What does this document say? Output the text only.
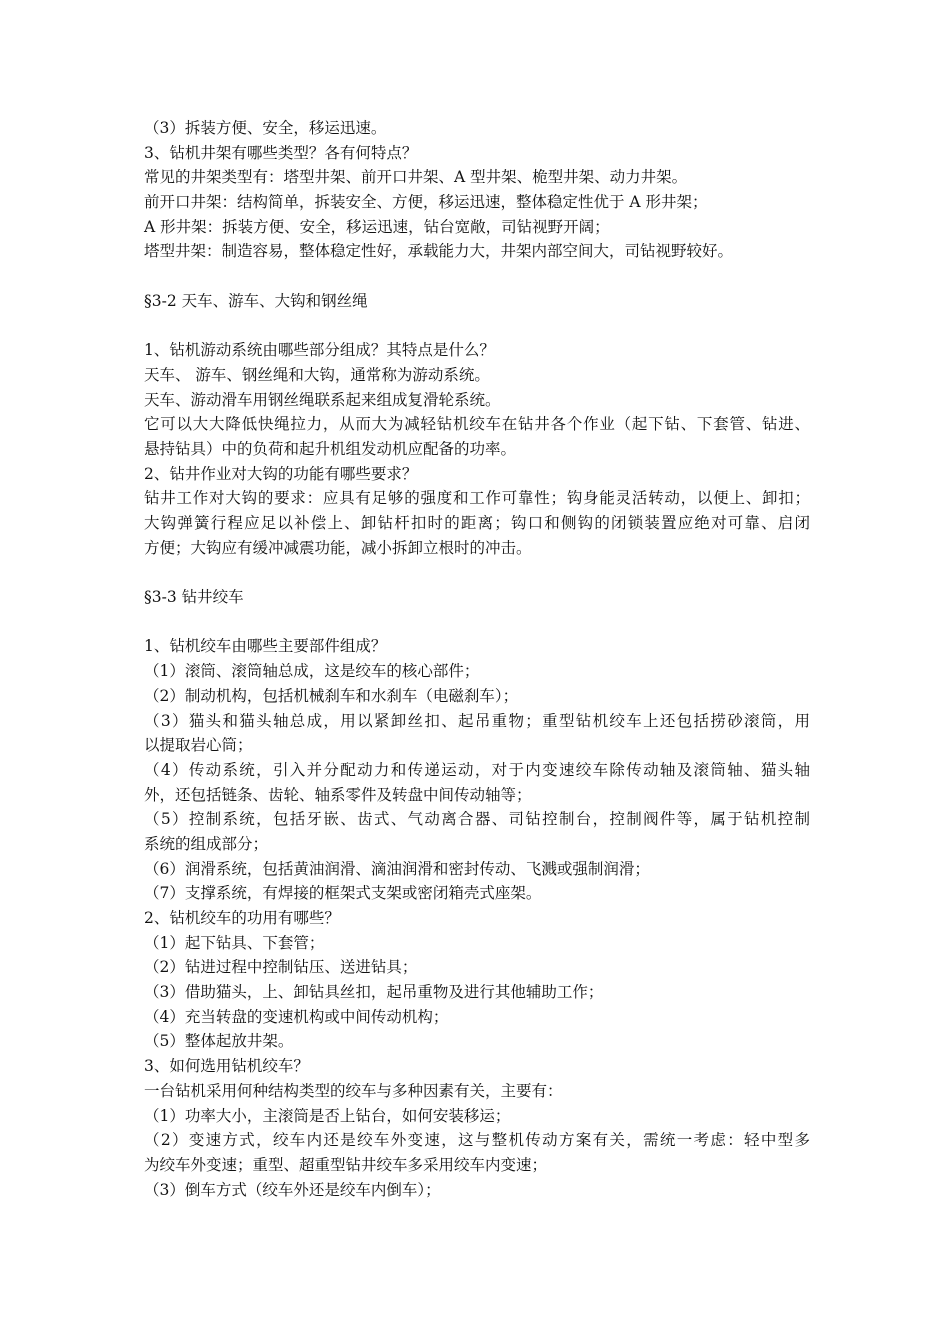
（3）拆装方便、安全，移运迅速。
3、钻机井架有哪些类型？各有何特点？
常见的井架类型有：塔型井架、前开口井架、A 型井架、桅型井架、动力井架。
前开口井架：结构简单，拆装安全、方便，移运迅速，整体稳定性优于 A 形井架；
A 形井架：拆装方便、安全，移运迅速，钻台宽敞，司钻视野开阔；
塔型井架：制造容易，整体稳定性好，承载能力大，井架内部空间大，司钻视野较好。
§3-2 天车、游车、大钩和钢丝绳
1、钻机游动系统由哪些部分组成？其特点是什么？
天车、 游车、钢丝绳和大钩，通常称为游动系统。
天车、游动滑车用钢丝绳联系起来组成复滑轮系统。
它可以大大降低快绳拉力，从而大为减轻钻机绞车在钻井各个作业（起下钻、下套管、钻进、
悬持钻具）中的负荷和起升机组发动机应配备的功率。
2、钻井作业对大钩的功能有哪些要求？
钻井工作对大钩的要求：应具有足够的强度和工作可靠性；钩身能灵活转动，以便上、卸扣；
大钩弹簧行程应足以补偿上、卸钻杆扣时的距离；钩口和侧钩的闭锁装置应绝对可靠、启闭
方便；大钩应有缓冲减震功能，减小拆卸立根时的冲击。
§3-3 钻井绞车
1、钻机绞车由哪些主要部件组成？
（1）滚筒、滚筒轴总成，这是绞车的核心部件；
（2）制动机构，包括机械刹车和水刹车（电磁刹车）；
（3）猫头和猫头轴总成，用以紧卸丝扣、起吊重物；重型钻机绞车上还包括捞砂滚筒，用
以提取岩心筒；
（4）传动系统，引入并分配动力和传递运动，对于内变速绞车除传动轴及滚筒轴、猫头轴
外，还包括链条、齿轮、轴系零件及转盘中间传动轴等；
（5）控制系统，包括牙嵌、齿式、气动离合器、司钻控制台，控制阀件等，属于钻机控制
系统的组成部分；
（6）润滑系统，包括黄油润滑、滴油润滑和密封传动、飞溅或强制润滑；
（7）支撑系统，有焊接的框架式支架或密闭箱壳式座架。
2、钻机绞车的功用有哪些？
（1）起下钻具、下套管；
（2）钻进过程中控制钻压、送进钻具；
（3）借助猫头，上、卸钻具丝扣，起吊重物及进行其他辅助工作；
（4）充当转盘的变速机构或中间传动机构；
（5）整体起放井架。
3、如何选用钻机绞车？
一台钻机采用何种结构类型的绞车与多种因素有关，主要有：
（1）功率大小，主滚筒是否上钻台，如何安装移运；
（2）变速方式，绞车内还是绞车外变速，这与整机传动方案有关，需统一考虑：轻中型多
为绞车外变速；重型、超重型钻井绞车多采用绞车内变速；
（3）倒车方式（绞车外还是绞车内倒车）；
